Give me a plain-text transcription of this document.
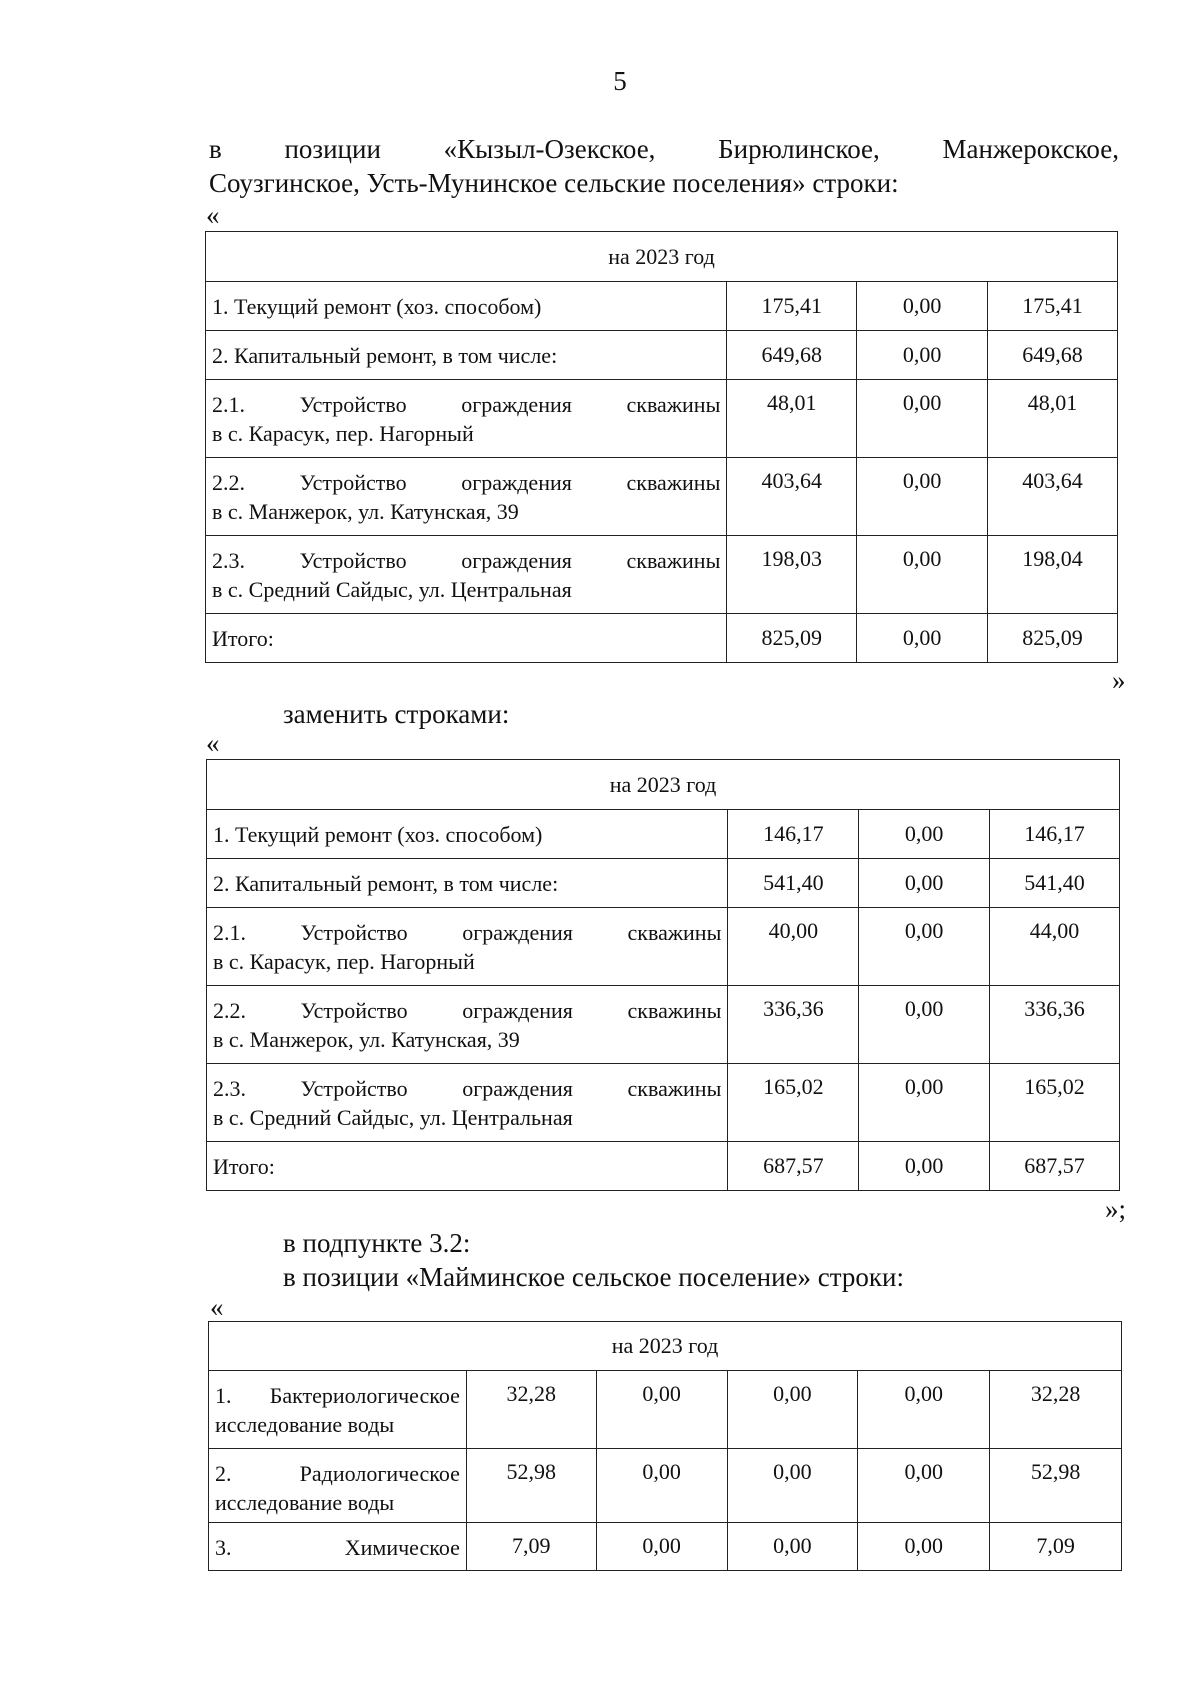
5
в позиции «Кызыл-Озекское, Бирюлинское, Манжерокское,
Соузгинское, Усть-Мунинское сельские поселения» строки:
«
на 2023 год			
1. Текущий ремонт (хоз. способом)	175,41	0,00	175,41
2. Капитальный ремонт, в том числе:	649,68	0,00	649,68

2.1. Устройство ограждения скважины
в с. Карасук, пер. Нагорный	48,01	0,00	48,01

2.2. Устройство ограждения скважины
в с. Манжерок, ул. Катунская, 39	403,64	0,00	403,64

2.3. Устройство ограждения скважины
в с. Средний Сайдыс, ул. Центральная	198,03	0,00	198,04
Итого:	825,09	0,00	825,09
»
заменить строками:
«
на 2023 год			
1. Текущий ремонт (хоз. способом)	146,17	0,00	146,17
2. Капитальный ремонт, в том числе:	541,40	0,00	541,40

2.1. Устройство ограждения скважины
в с. Карасук, пер. Нагорный	40,00	0,00	44,00

2.2. Устройство ограждения скважины
в с. Манжерок, ул. Катунская, 39	336,36	0,00	336,36

2.3. Устройство ограждения скважины
в с. Средний Сайдыс, ул. Центральная	165,02	0,00	165,02
Итого:	687,57	0,00	687,57
»;
в подпункте 3.2:
в позиции «Майминское сельское поселение» строки:
«
на 2023 год					

1. Бактериологическое
исследование воды	32,28	0,00	0,00	0,00	32,28

2. Радиологическое
исследование воды	52,98	0,00	0,00	0,00	52,98

3. Химическое	7,09	0,00	0,00	0,00	7,09
